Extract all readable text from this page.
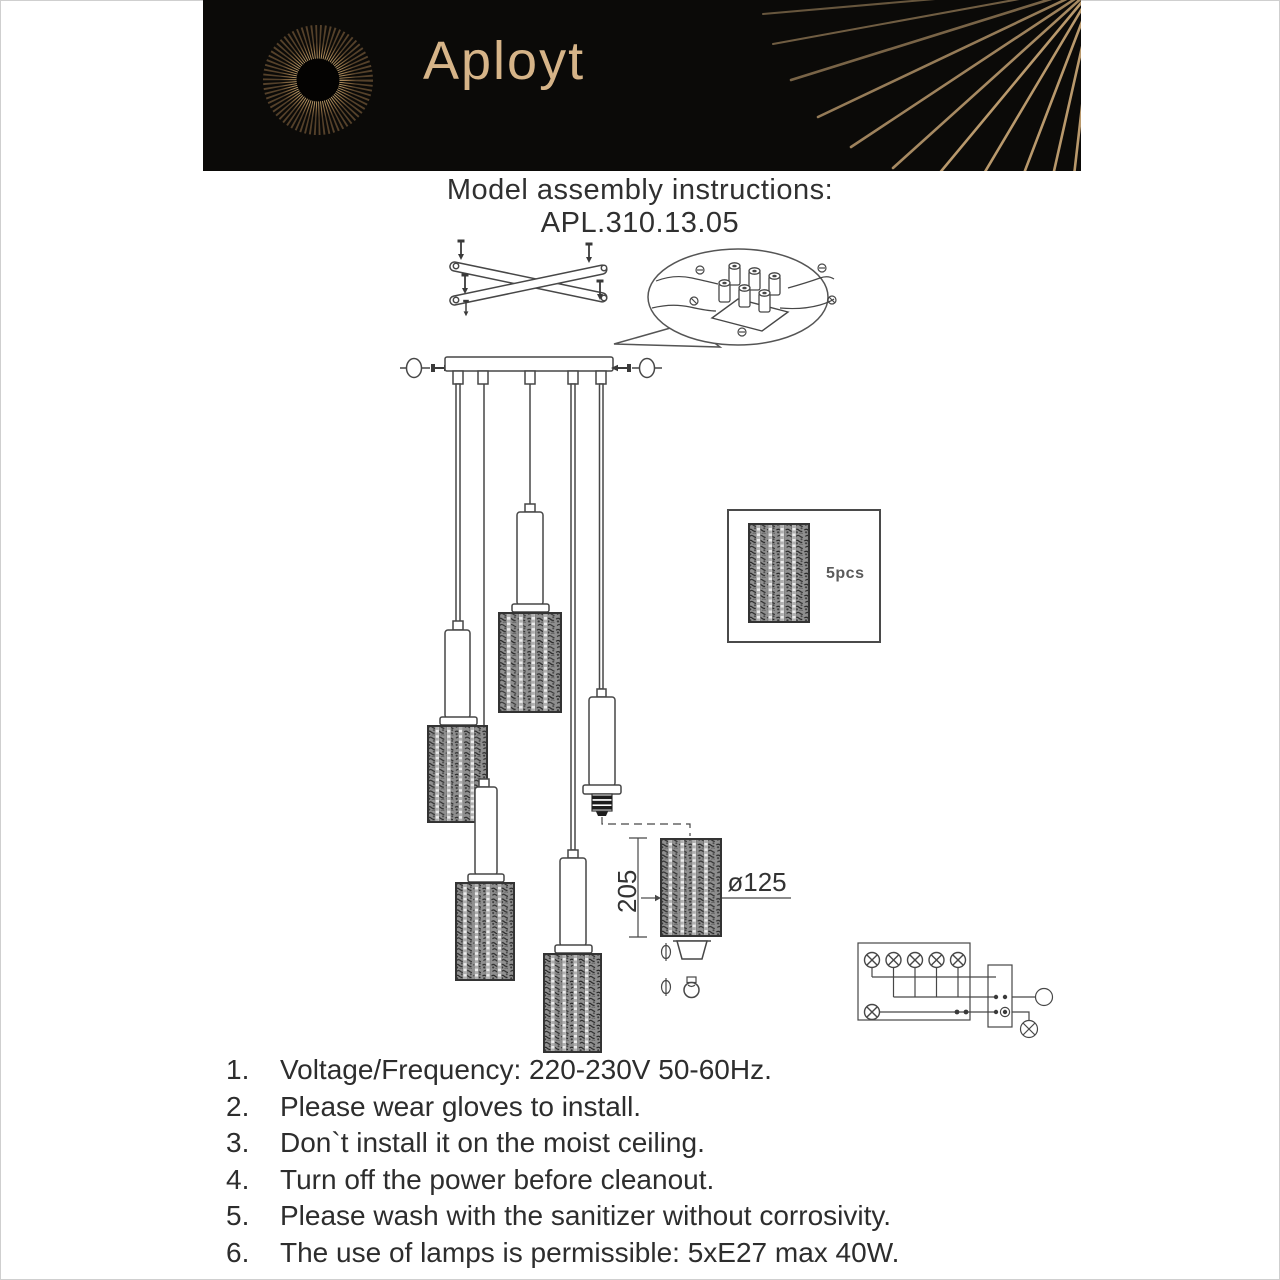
Aployt
Model assembly instructions:
APL.310.13.05
205	ø125
5pcs
1.	Voltage/Frequency: 220-230V 50-60Hz.
2.	Please wear gloves to install.
3.	Don`t install it on the moist ceiling.
4.	Turn off the power before cleanout.
5.	Please wash with the sanitizer without corrosivity.
6.	The use of lamps is permissible: 5xE27 max 40W.
